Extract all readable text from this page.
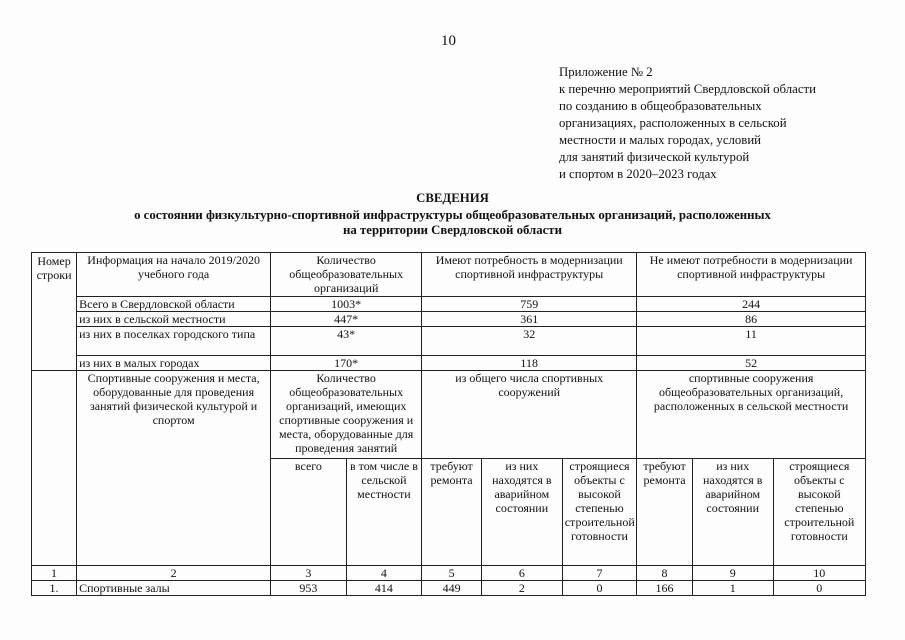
10
Приложение № 2
к перечню мероприятий Свердловской области
по созданию в общеобразовательных
организациях, расположенных в сельской
местности и малых городах, условий
для занятий физической культурой
и спортом в 2020–2023 годах
СВЕДЕНИЯ
о состоянии физкультурно-спортивной инфраструктуры общеобразовательных организаций, расположенных
на территории Свердловской области
Номер строки	Информация на начало 2019/2020 учебного года	Количество общеобразовательных организаций		Имеют потребность в модернизации спортивной инфраструктуры			Не имеют потребности в модернизации спортивной инфраструктуры		
	Всего в Свердловской области	1003*		759			244		
	из них в сельской местности	447*		361			86		
	из них в поселках городского типа	43*		32			11		
	из них в малых городах	170*		118			52		
	Спортивные сооружения и места, оборудованные для проведения занятий физической культурой и спортом	Количество общеобразовательных организаций, имеющих спортивные сооружения и места, оборудованные для проведения занятий		из общего числа спортивных сооружений			спортивные сооружения общеобразовательных организаций, расположенных в сельской местности		
		всего	в том числе в сельской местности	требуют ремонта	из них находятся в аварийном состоянии	строящиеся объекты с высокой степенью строительной готовности	требуют ремонта	из них находятся в аварийном состоянии	строящиеся объекты с высокой степенью строительной готовности
1	2	3	4	5	6	7	8	9	10
1.	Спортивные залы	953	414	449	2	0	166	1	0
